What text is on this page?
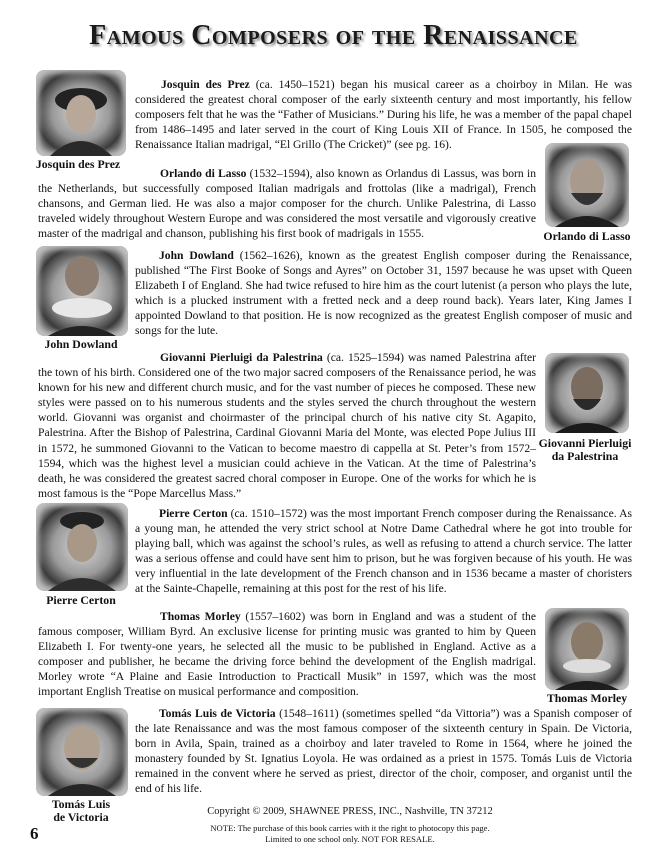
Famous Composers of the Renaissance

Josquin des Prez

Josquin des Prez (ca. 1450–1521) began his musical career as a choirboy in Milan. He was considered the greatest choral composer of the early sixteenth century and most importantly, his fellow composers felt that he was the “Father of Musicians.” During his life, he was a member of the papal chapel from 1486–1495 and later served in the court of King Louis XII of France. In 1505, he composed the Renaissance Italian madrigal, “El Grillo (The Cricket)” (see pg. 16).

Orlando di Lasso

Orlando di Lasso (1532–1594), also known as Orlandus di Lassus, was born in the Netherlands, but successfully composed Italian madrigals and frottolas (like a madrigal), French chansons, and German lied. He was also a major composer for the church. Unlike Palestrina, di Lasso traveled widely throughout Western Europe and was considered the most versatile and vigorously creative master of the madrigal and chanson, publishing his first book of madrigals in 1555.

John Dowland

John Dowland (1562–1626), known as the greatest English composer during the Renaissance, published “The First Booke of Songs and Ayres” on October 31, 1597 because he was upset with Queen Elizabeth I of England. She had twice refused to hire him as the court lutenist (a person who plays the lute, which is a plucked instrument with a fretted neck and a deep round back). Years later, King James I appointed Dowland to that position. He is now recognized as the greatest English composer of music and songs for the lute.

Giovanni Pierluigi
da Palestrina

Giovanni Pierluigi da Palestrina (ca. 1525–1594) was named Palestrina after the town of his birth. Considered one of the two major sacred composers of the Renaissance period, he was known for his new and different church music, and for the vast number of pieces he composed. These new styles were passed on to his numerous students and the styles served the church throughout the western world. Giovanni was organist and choirmaster of the principal church of his native city St. Agapito, Palestrina. After the Bishop of Palestrina, Cardinal Giovanni Maria del Monte, was elected Pope Julius III in 1572, he summoned Giovanni to the Vatican to become maestro di cappella at St. Peter’s from 1572–1594, which was the highest level a musician could achieve in the Vatican. At the time of Palestrina’s death, he was considered the greatest sacred choral composer in Europe. One of the works for which he is most famous is the “Pope Marcellus Mass.”

Pierre Certon

Pierre Certon (ca. 1510–1572) was the most important French composer during the Renaissance. As a young man, he attended the very strict school at Notre Dame Cathedral where he got into trouble for playing ball, which was against the school’s rules, as well as refusing to attend a church service. The latter was a serious offense and could have sent him to prison, but he was forgiven because of his youth. He was very influential in the late development of the French chanson and in 1536 became a master of choristers at the Sainte-Chapelle, remaining at this post for the rest of his life.

Thomas Morley

Thomas Morley (1557–1602) was born in England and was a student of the famous composer, William Byrd. An exclusive license for printing music was granted to him by Queen Elizabeth I. For twenty-one years, he selected all the music to be published in England. Active as a composer and publisher, he became the driving force behind the development of the English madrigal. Morley wrote “A Plaine and Easie Introduction to Practicall Musik” in 1597, which was the most important English Treatise on musical performance and composition.

Tomás Luis
de Victoria

Tomás Luis de Victoria (1548–1611) (sometimes spelled “da Vittoria”) was a Spanish composer of the late Renaissance and was the most famous composer of the sixteenth century in Spain. De Victoria, born in Avila, Spain, trained as a choirboy and later traveled to Rome in 1564, where he joined the monastery founded by St. Ignatius Loyola. He was ordained as a priest in 1575. Tomás Luis de Victoria remained in the convent where he served as priest, director of the choir, composer, and organist until the end of his life.

Copyright © 2009, SHAWNEE PRESS, INC., Nashville, TN 37212

NOTE: The purchase of this book carries with it the right to photocopy this page.
Limited to one school only. NOT FOR RESALE.

6
